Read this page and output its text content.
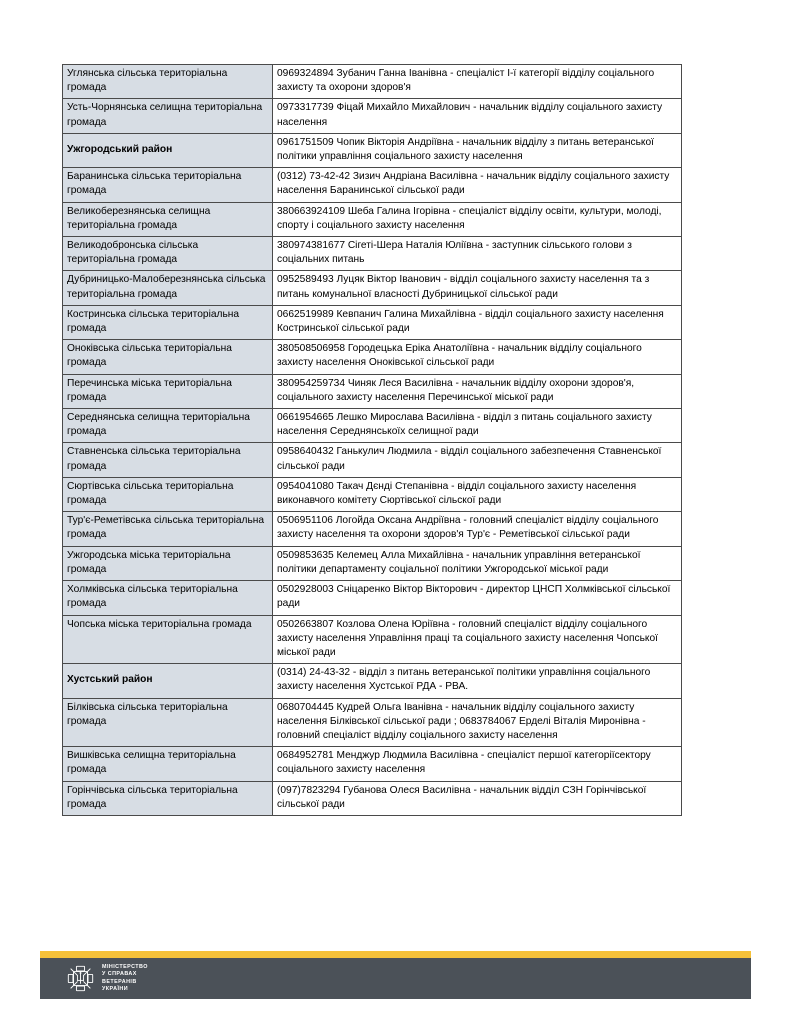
Углянська сільська територіальна громада	0969324894 Зубанич Ганна Іванівна - спеціаліст І-ї категорії відділу соціального захисту та охорони здоров'я
Усть-Чорнянська селищна територіальна громада	0973317739 Фіцай Михайло Михайлович - начальник відділу соціального захисту населення
Ужгородський район	0961751509 Чопик Вікторія Андріївна - начальник відділу з питань ветеранської політики управління соціального захисту населення
Баранинська сільська територіальна громада	(0312) 73-42-42 Зизич Андріана Василівна - начальник відділу соціального захисту населення Баранинської сільської ради
Великоберезнянська селищна територіальна громада	380663924109 Шеба Галина Ігорівна - спеціаліст відділу освіти, культури, молоді, спорту і соціального захисту населення
Великодобронська сільська територіальна громада	380974381677 Сігеті-Шера Наталія Юліївна - заступник сільського голови з соціальних питань
Дубриницько-Малоберезнянська сільська територіальна громада	0952589493 Луцяк Віктор Іванович - відділ соціального захисту населення та з питань комунальної власності Дубриницької сільської ради
Костринська сільська територіальна громада	0662519989 Кевпанич Галина Михайлівна - відділ соціального захисту населення Костринської сільської ради
Оноківська сільська територіальна громада	380508506958 Городецька Еріка Анатоліївна - начальник відділу соціального захисту населення Оноківської сільської ради
Перечинська міська територіальна громада	380954259734 Чиняк Леся Василівна - начальник відділу охорони здоров'я, соціального захисту населення Перечинської міської ради
Середнянська селищна територіальна громада	0661954665 Лешко Мирослава Василівна - відділ з питань соціального захисту населення Середнянськоїх селищної ради
Ставненська сільська територіальна громада	0958640432 Ганькулич Людмила - відділ соціального забезпечення Ставненської сільської ради
Сюртівська сільська територіальна громада	0954041080 Такач Дєнді Степанівна - відділ соціального захисту населення виконавчого комітету Сюртівської сільскої ради
Тур'є-Реметівська сільська територіальна громада	0506951106 Логойда Оксана Андріївна - головний спеціаліст відділу соціального захисту населення та охорони здоров'я Тур'є - Реметівської сільської ради
Ужгородська міська територіальна громада	0509853635 Келемец Алла Михайлівна - начальник управління ветеранської політики департаменту соціальної політики Ужгородської міської ради
Холмківська сільська територіальна громада	0502928003 Сніцаренко Віктор Вікторович - директор ЦНСП Холмківської сільської ради
Чопська міська територіальна громада	0502663807 Козлова Олена Юріївна - головний спеціаліст відділу соціального захисту населення Управління праці та соціального захисту населення Чопської міської ради
Хустський район	(0314) 24-43-32 - відділ з питань ветеранської політики управління соціального захисту населення Хустської РДА - РВА.
Білківська сільська територіальна громада	0680704445 Кудрей Ольга Іванівна - начальник відділу соціального захисту населення Білківської сільської ради ; 0683784067 Ерделі Віталія Миронівна - головний спеціаліст відділу соціального захисту населення
Вишківська селищна територіальна громада	0684952781 Менджур Людмила Василівна - спеціаліст першої категоріїсектору соціального захисту населення
Горінчівська сільська територіальна громада	(097)7823294 Губанова Олеся Василівна - начальник відділ СЗН Горінчівської сільської ради
МІНІСТЕРСТВО
У СПРАВАХ
ВЕТЕРАНІВ
УКРАЇНИ
